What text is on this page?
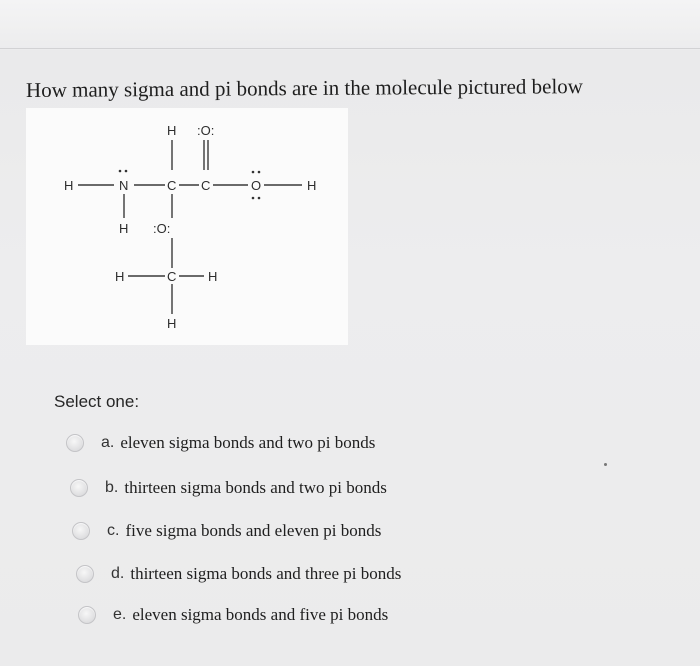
How many sigma and pi bonds are in the molecule pictured below
H :O:
H	N	C C	O	H
H :O:
H	C H
H
Select one:
a. eleven sigma bonds and two pi bonds
b. thirteen sigma bonds and two pi bonds
c. five sigma bonds and eleven pi bonds
d. thirteen sigma bonds and three pi bonds
e. eleven sigma bonds and five pi bonds
